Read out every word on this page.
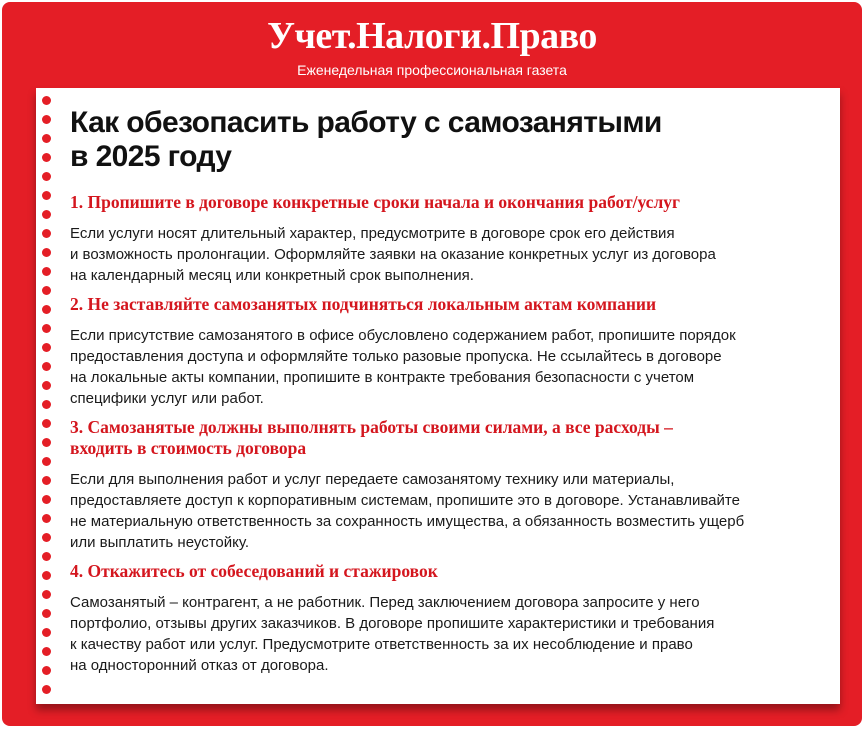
Учет.Налоги.Право
Еженедельная профессиональная газета
Как обезопасить работу с самозанятыми
в 2025 году
1. Пропишите в договоре конкретные сроки начала и окончания работ/услуг
Если услуги носят длительный характер, предусмотрите в договоре срок его действия
и возможность пролонгации. Оформляйте заявки на оказание конкретных услуг из договора
на календарный месяц или конкретный срок выполнения.
2. Не заставляйте самозанятых подчиняться локальным актам компании
Если присутствие самозанятого в офисе обусловлено содержанием работ, пропишите порядок
предоставления доступа и оформляйте только разовые пропуска. Не ссылайтесь в договоре
на локальные акты компании, пропишите в контракте требования безопасности с учетом
специфики услуг или работ.
3. Самозанятые должны выполнять работы своими силами, а все расходы –
входить в стоимость договора
Если для выполнения работ и услуг передаете самозанятому технику или материалы,
предоставляете доступ к корпоративным системам, пропишите это в договоре. Устанавливайте
не материальную ответственность за сохранность имущества, а обязанность возместить ущерб
или выплатить неустойку.
4. Откажитесь от собеседований и стажировок
Самозанятый – контрагент, а не работник. Перед заключением договора запросите у него
портфолио, отзывы других заказчиков. В договоре пропишите характеристики и требования
к качеству работ или услуг. Предусмотрите ответственность за их несоблюдение и право
на односторонний отказ от договора.
